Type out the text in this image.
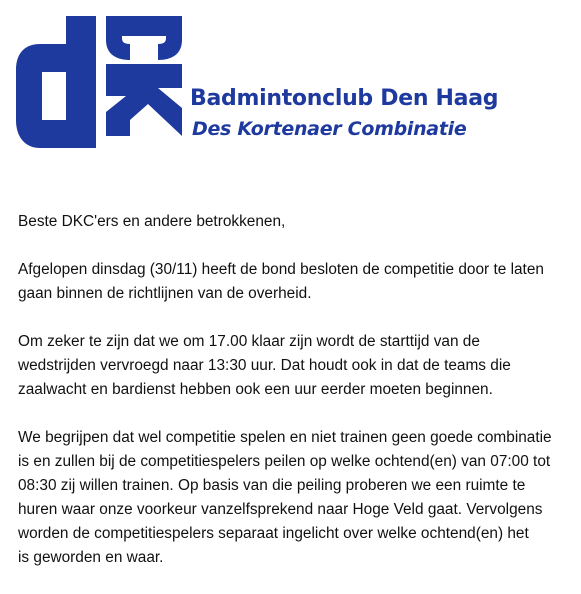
Badmintonclub Den Haag
Des Kortenaer Combinatie

Beste DKC'ers en andere betrokkenen,

Afgelopen dinsdag (30/11) heeft de bond besloten de competitie door te laten
gaan binnen de richtlijnen van de overheid.

Om zeker te zijn dat we om 17.00 klaar zijn wordt de starttijd van de
wedstrijden vervroegd naar 13:30 uur. Dat houdt ook in dat de teams die
zaalwacht en bardienst hebben ook een uur eerder moeten beginnen.

We begrijpen dat wel competitie spelen en niet trainen geen goede combinatie
is en zullen bij de competitiespelers peilen op welke ochtend(en) van 07:00 tot
08:30 zij willen trainen. Op basis van die peiling proberen we een ruimte te
huren waar onze voorkeur vanzelfsprekend naar Hoge Veld gaat. Vervolgens
worden de competitiespelers separaat ingelicht over welke ochtend(en) het
is geworden en waar.
